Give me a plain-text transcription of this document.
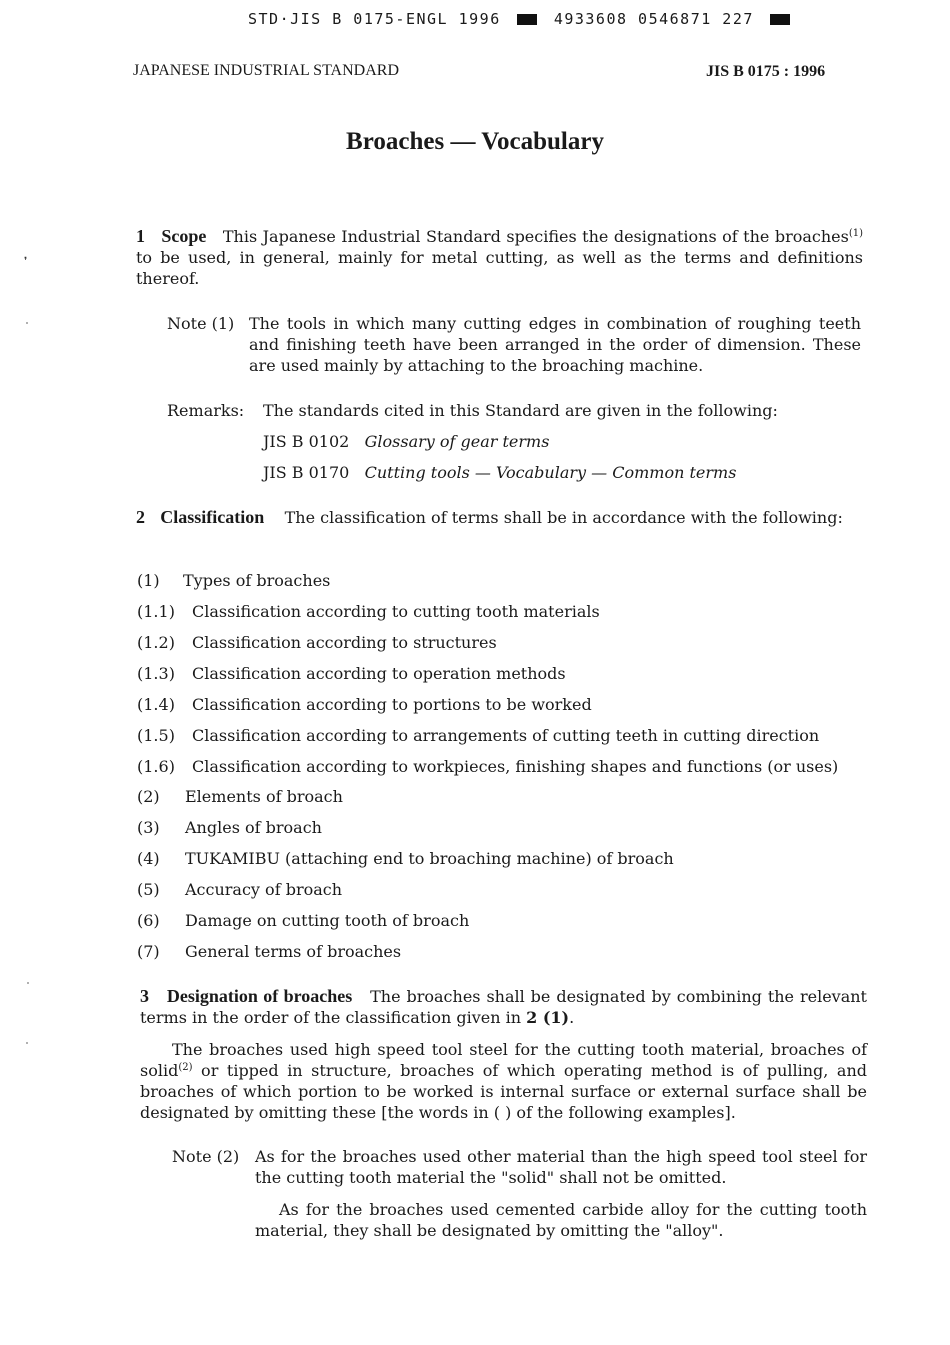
STD·JIS B 0175-ENGL 1996	4933608 0546871 227
JAPANESE INDUSTRIAL STANDARD	JIS B 0175 : 1996
Broaches — Vocabulary
1 Scope This Japanese Industrial Standard specifies the designations of the broaches$^{(1)}$ to be used, in general, mainly for metal cutting, as well as the terms and definitions thereof.
Note (1) The tools in which many cutting edges in combination of roughing teeth and finishing teeth have been arranged in the order of dimension. These are used mainly by attaching to the broaching machine.
Remarks: The standards cited in this Standard are given in the following:
JIS B 0102 Glossary of gear terms
JIS B 0170 Cutting tools — Vocabulary — Common terms
2 Classification The classification of terms shall be in accordance with the following:
(1) Types of broaches
(1.1) Classification according to cutting tooth materials
(1.2) Classification according to structures
(1.3) Classification according to operation methods
(1.4) Classification according to portions to be worked
(1.5) Classification according to arrangements of cutting teeth in cutting direction
(1.6) Classification according to workpieces, finishing shapes and functions (or uses)
(2) Elements of broach
(3) Angles of broach
(4) TUKAMIBU (attaching end to broaching machine) of broach
(5) Accuracy of broach
(6) Damage on cutting tooth of broach
(7) General terms of broaches
3 Designation of broaches The broaches shall be designated by combining the relevant terms in the order of the classification given in 2 (1).
The broaches used high speed tool steel for the cutting tooth material, broaches of solid$^{(2)}$ or tipped in structure, broaches of which operating method is of pulling, and broaches of which portion to be worked is internal surface or external surface shall be designated by omitting these [the words in ( ) of the following examples].
Note (2) As for the broaches used other material than the high speed tool steel for the cutting tooth material the "solid" shall not be omitted.
As for the broaches used cemented carbide alloy for the cutting tooth material, they shall be designated by omitting the "alloy".
❜
